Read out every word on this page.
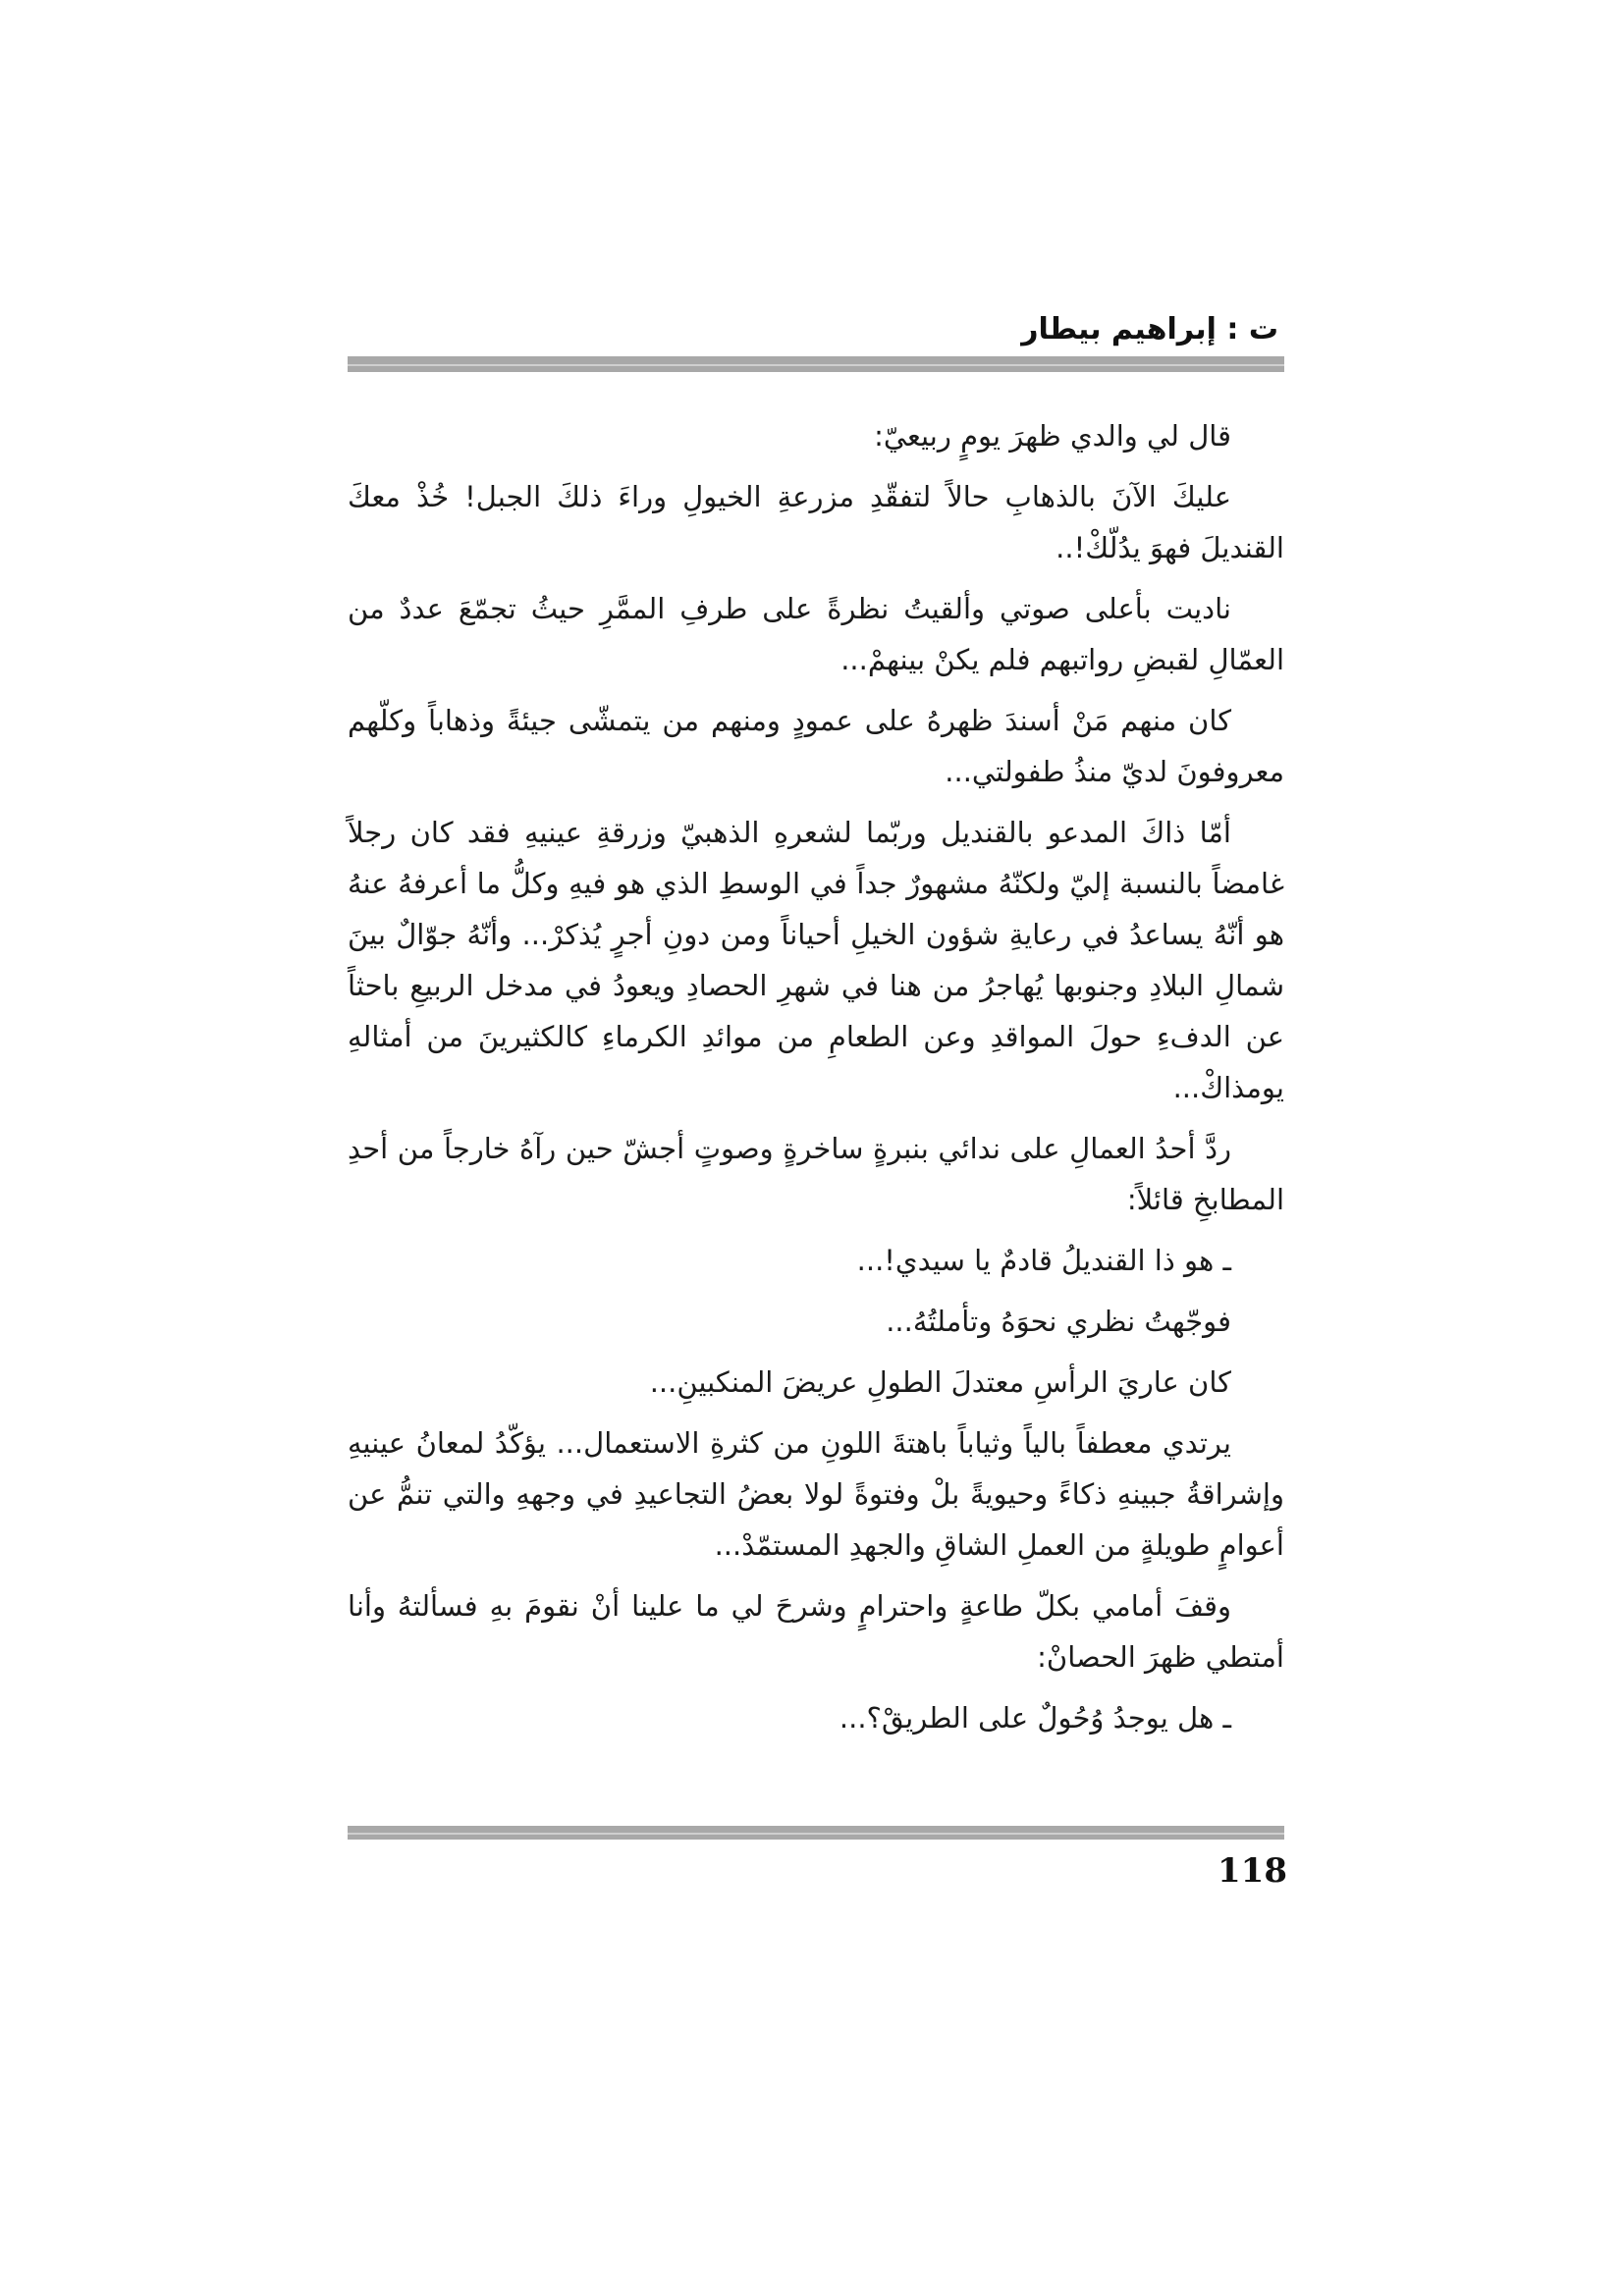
ت : إبراهيم بيطار

قال لي والدي ظهرَ يومٍ ربيعيّ:

عليكَ الآنَ بالذهابِ حالاً لتفقّدِ مزرعةِ الخيولِ وراءَ ذلكَ الجبل! خُذْ معكَ القنديلَ فهوَ يدُلّكْ!..

ناديت بأعلى صوتي وألقيتُ نظرةً على طرفِ الممَّرِ حيثُ تجمّعَ عددٌ من العمّالِ لقبضِ رواتبهم فلم يكنْ بينهمْ...

كان منهم مَنْ أسندَ ظهرهُ على عمودٍ ومنهم من يتمشّى جيئةً وذهاباً وكلّهم معروفونَ لديّ منذُ طفولتي...

أمّا ذاكَ المدعو بالقنديل وربّما لشعرهِ الذهبيّ وزرقةِ عينيهِ فقد كان رجلاً غامضاً بالنسبة إليّ ولكنّهُ مشهورٌ جداً في الوسطِ الذي هو فيهِ وكلُّ ما أعرفهُ عنهُ هو أنّهُ يساعدُ في رعايةِ شؤون الخيلِ أحياناً ومن دونِ أجرٍ يُذكرْ... وأنّهُ جوّالٌ بينَ شمالِ البلادِ وجنوبها يُهاجرُ من هنا في شهرِ الحصادِ ويعودُ في مدخل الربيعِ باحثاً عن الدفءِ حولَ المواقدِ وعن الطعامِ من موائدِ الكرماءِ كالكثيرينَ من أمثالهِ يومذاكْ...

ردَّ أحدُ العمالِ على ندائي بنبرةٍ ساخرةٍ وصوتٍ أجشّ حين رآهُ خارجاً من أحدِ المطابخِ قائلاً:

ـ هو ذا القنديلُ قادمٌ يا سيدي!...

فوجّهتُ نظري نحوَهُ وتأملتُهُ...

كان عاريَ الرأسِ معتدلَ الطولِ عريضَ المنكبينِ...

يرتدي معطفاً بالياً وثياباً باهتةَ اللونِ من كثرةِ الاستعمال... يؤكّدُ لمعانُ عينيهِ وإشراقةُ جبينهِ ذكاءً وحيويةً بلْ وفتوةً لولا بعضُ التجاعيدِ في وجههِ والتي تنمُّ عن أعوامٍ طويلةٍ من العملِ الشاقِ والجهدِ المستمّدْ...

وقفَ أمامي بكلّ طاعةٍ واحترامٍ وشرحَ لي ما علينا أنْ نقومَ بهِ فسألتهُ وأنا أمتطي ظهرَ الحصانْ:

ـ هل يوجدُ وُحُولٌ على الطريقْ؟...

118
